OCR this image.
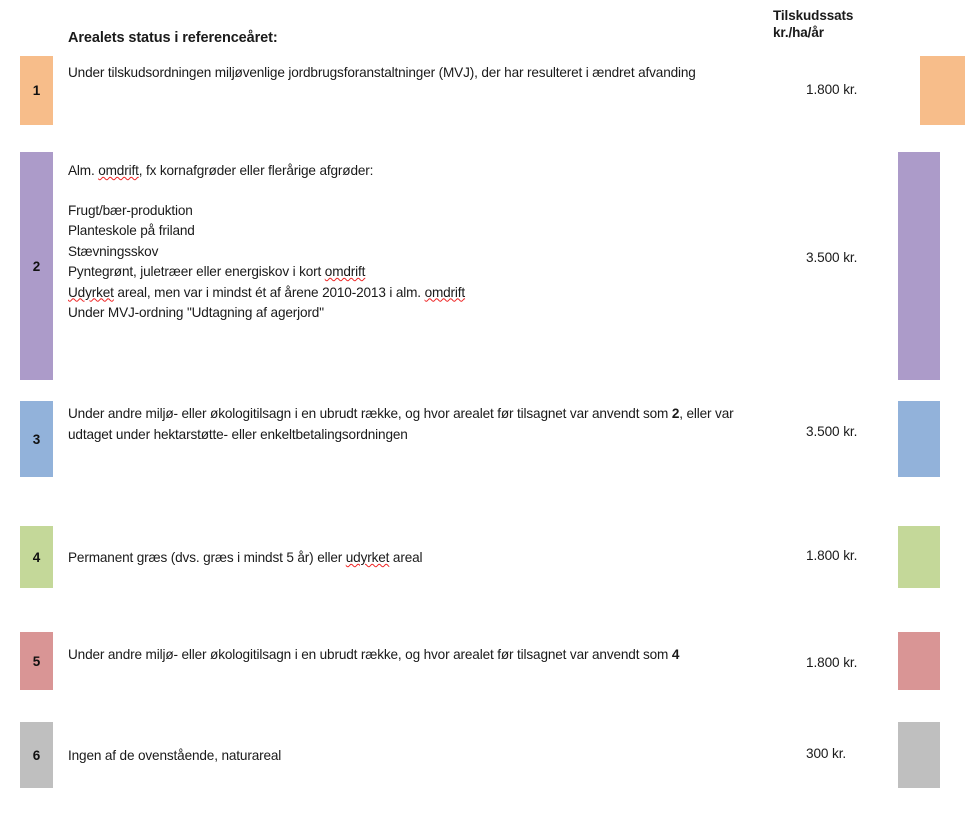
Arealets status i referenceåret:
Tilskudssats
kr./ha/år
1
Under tilskudsordningen miljøvenlige jordbrugsforanstaltninger (MVJ), der har resulteret i ændret afvanding
1.800 kr.
2
Alm. omdrift, fx kornafgrøder eller flerårige afgrøder:
Frugt/bær-produktion
Planteskole på friland
Stævningsskov
Pyntegrønt, juletræer eller energiskov i kort omdrift
Udyrket areal, men var i mindst ét af årene 2010-2013 i alm. omdrift
Under MVJ-ordning "Udtagning af agerjord"
3.500 kr.
3
Under andre miljø- eller økologitilsagn i en ubrudt række, og hvor arealet før tilsagnet var anvendt som 2, eller var udtaget under hektarstøtte- eller enkeltbetalingsordningen	3.500 kr.
4 Permanent græs (dvs. græs i mindst 5 år) eller udyrket areal	1.800 kr.
5 Under andre miljø- eller økologitilsagn i en ubrudt række, og hvor arealet før tilsagnet var anvendt som 4
1.800 kr.
6 Ingen af de ovenstående, naturareal	300 kr.
